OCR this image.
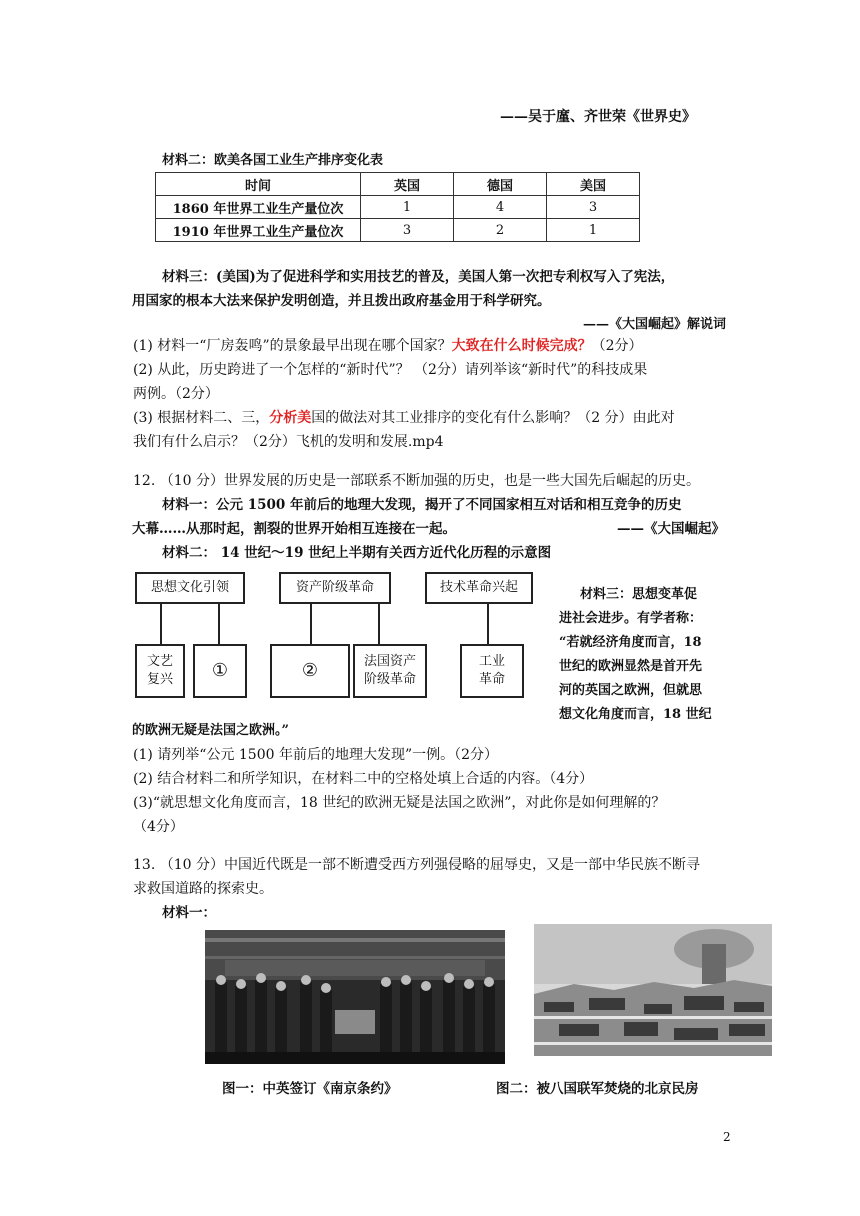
——吴于廑、齐世荣《世界史》
材料二：欧美各国工业生产排序变化表
时间	英国	德国	美国
1860 年世界工业生产量位次	1	4	3
1910 年世界工业生产量位次	3	2	1
材料三：(美国)为了促进科学和实用技艺的普及，美国人第一次把专利权写入了宪法，
用国家的根本大法来保护发明创造，并且拨出政府基金用于科学研究。
——《大国崛起》解说词
(1) 材料一“厂房轰鸣”的景象最早出现在哪个国家？大致在什么时候完成？（2分）
(2) 从此，历史跨进了一个怎样的“新时代”？ （2分）请列举该“新时代”的科技成果
两例。（2分）
(3) 根据材料二、三，分析美国的做法对其工业排序的变化有什么影响？（2 分）由此对
我们有什么启示？（2分）飞机的发明和发展.mp4
12. （10 分）世界发展的历史是一部联系不断加强的历史，也是一些大国先后崛起的历史。
材料一：公元 1500 年前后的地理大发现，揭开了不同国家相互对话和相互竞争的历史
大幕……从那时起，割裂的世界开始相互连接在一起。	——《大国崛起》
材料二： 14 世纪～19 世纪上半期有关西方近代化历程的示意图
思想文化引领	资产阶级革命	技术革命兴起
文艺
复兴	①	②	法国资产
阶级革命
工业
革命
材料三：思想变革促
进社会进步。有学者称：
“若就经济角度而言，18
世纪的欧洲显然是首开先
河的英国之欧洲，但就思
想文化角度而言，18 世纪
的欧洲无疑是法国之欧洲。”
(1) 请列举“公元 1500 年前后的地理大发现”一例。（2分）
(2) 结合材料二和所学知识，在材料二中的空格处填上合适的内容。（4分）
(3)“就思想文化角度而言，18 世纪的欧洲无疑是法国之欧洲”，对此你是如何理解的？
（4分）
13. （10 分）中国近代既是一部不断遭受西方列强侵略的屈辱史，又是一部中华民族不断寻
求救国道路的探索史。
材料一：
图一：中英签订《南京条约》	图二：被八国联军焚烧的北京民房
2
